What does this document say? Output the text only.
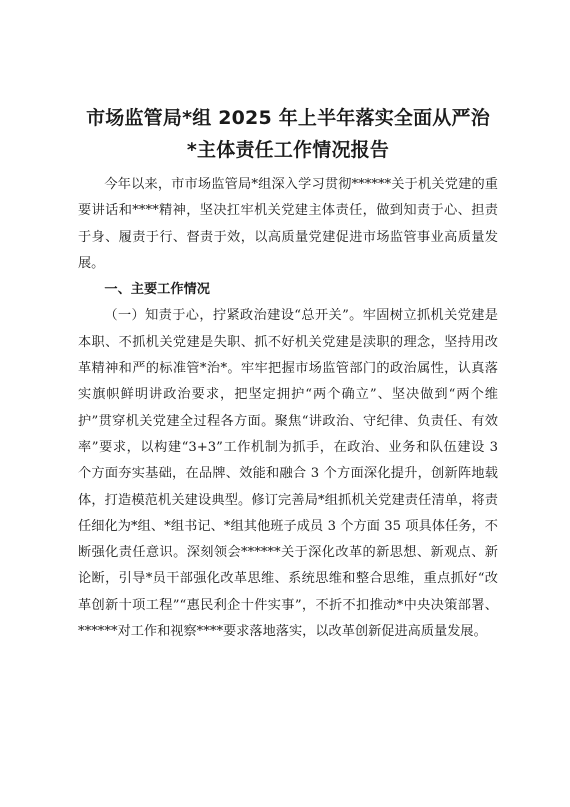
市场监管局*组 2025 年上半年落实全面从严治
*主体责任工作情况报告

今年以来，市市场监管局*组深入学习贯彻******关于机关党建的重要讲话和****精神，坚决扛牢机关党建主体责任，做到知责于心、担责于身、履责于行、督责于效，以高质量党建促进市场监管事业高质量发展。

一、主要工作情况

（一）知责于心，拧紧政治建设“总开关”。牢固树立抓机关党建是本职、不抓机关党建是失职、抓不好机关党建是渎职的理念，坚持用改革精神和严的标准管*治*。牢牢把握市场监管部门的政治属性，认真落实旗帜鲜明讲政治要求，把坚定拥护“两个确立”、坚决做到“两个维护”贯穿机关党建全过程各方面。聚焦“讲政治、守纪律、负责任、有效率”要求，以构建“3+3”工作机制为抓手，在政治、业务和队伍建设 3 个方面夯实基础，在品牌、效能和融合 3 个方面深化提升，创新阵地载体，打造模范机关建设典型。修订完善局*组抓机关党建责任清单，将责任细化为*组、*组书记、*组其他班子成员 3 个方面 35 项具体任务，不断强化责任意识。深刻领会******关于深化改革的新思想、新观点、新论断，引导*员干部强化改革思维、系统思维和整合思维，重点抓好“改革创新十项工程”“惠民利企十件实事”，不折不扣推动*中央决策部署、******对工作和视察****要求落地落实，以改革创新促进高质量发展。
